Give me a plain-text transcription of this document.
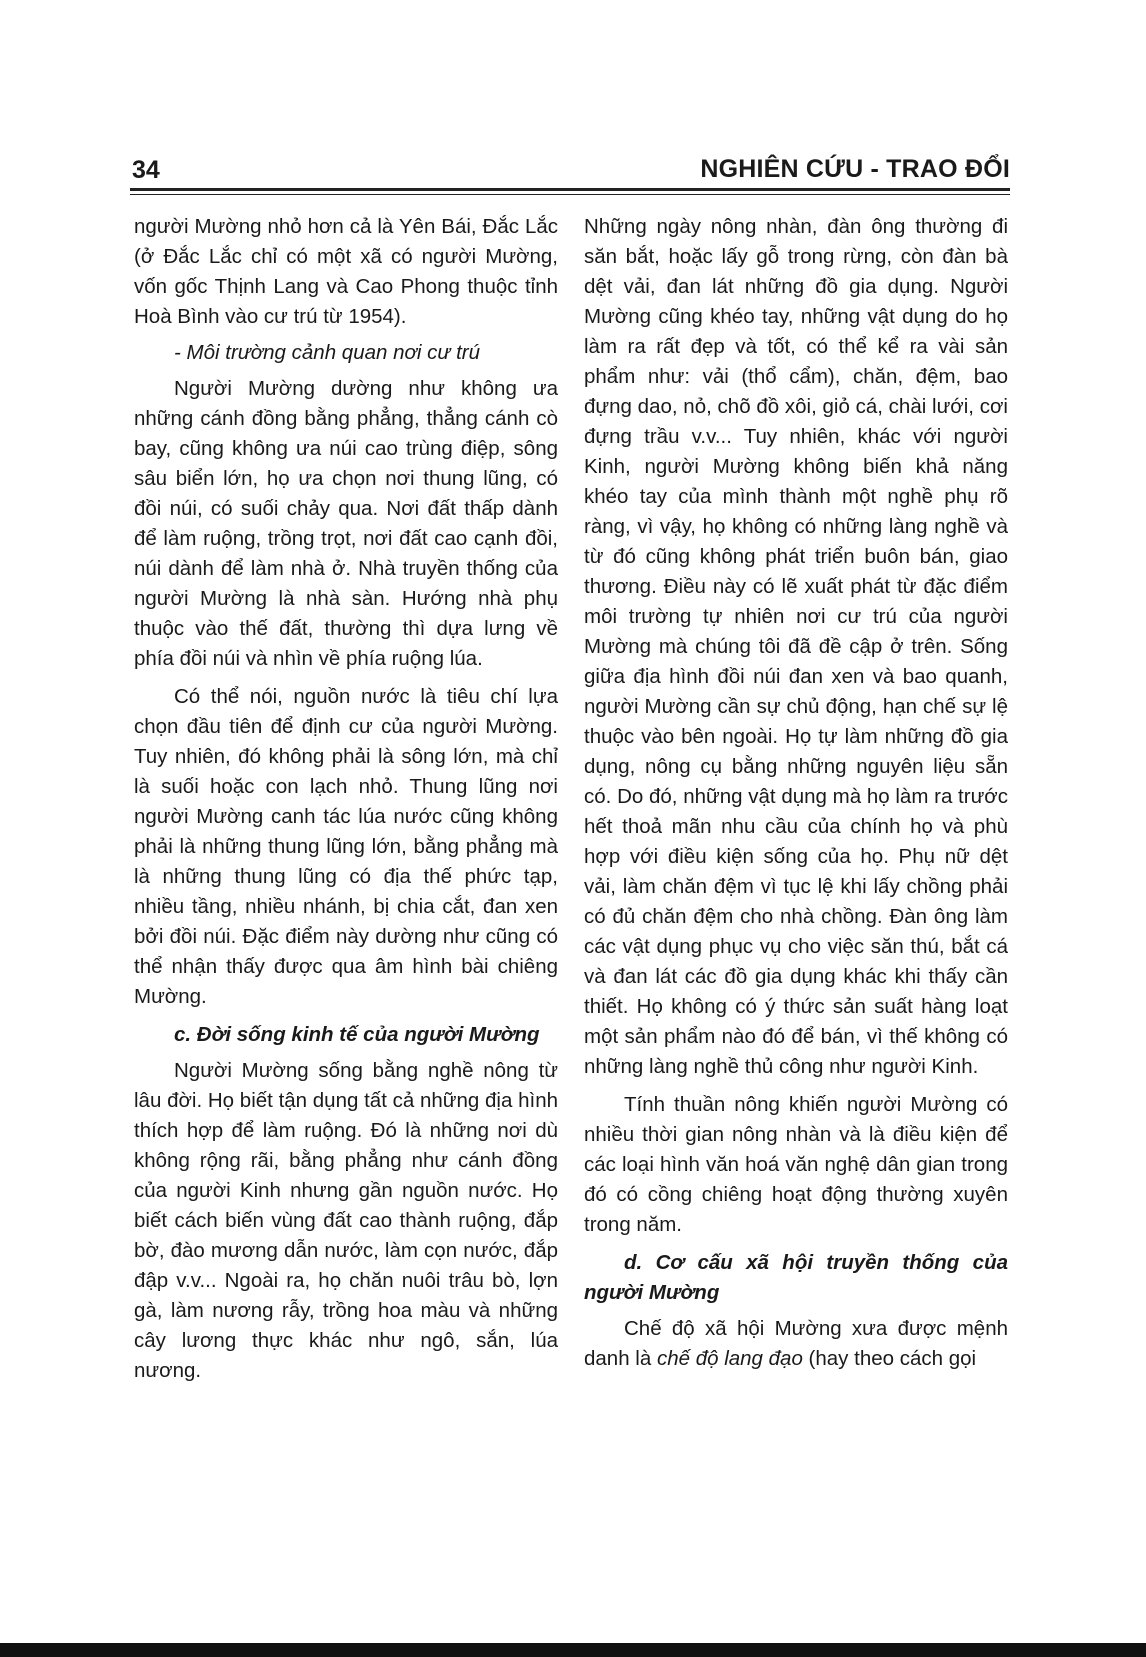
34	NGHIÊN CỨU - TRAO ĐỔI

người Mường nhỏ hơn cả là Yên Bái, Đắc Lắc (ở Đắc Lắc chỉ có một xã có người Mường, vốn gốc Thịnh Lang và Cao Phong thuộc tỉnh Hoà Bình vào cư trú từ 1954).

- Môi trường cảnh quan nơi cư trú

Người Mường dường như không ưa những cánh đồng bằng phẳng, thẳng cánh cò bay, cũng không ưa núi cao trùng điệp, sông sâu biển lớn, họ ưa chọn nơi thung lũng, có đồi núi, có suối chảy qua. Nơi đất thấp dành để làm ruộng, trồng trọt, nơi đất cao cạnh đồi, núi dành để làm nhà ở. Nhà truyền thống của người Mường là nhà sàn. Hướng nhà phụ thuộc vào thế đất, thường thì dựa lưng về phía đồi núi và nhìn về phía ruộng lúa.

Có thể nói, nguồn nước là tiêu chí lựa chọn đầu tiên để định cư của người Mường. Tuy nhiên, đó không phải là sông lớn, mà chỉ là suối hoặc con lạch nhỏ. Thung lũng nơi người Mường canh tác lúa nước cũng không phải là những thung lũng lớn, bằng phẳng mà là những thung lũng có địa thế phức tạp, nhiều tầng, nhiều nhánh, bị chia cắt, đan xen bởi đồi núi. Đặc điểm này dường như cũng có thể nhận thấy được qua âm hình bài chiêng Mường.

c. Đời sống kinh tế của người Mường

Người Mường sống bằng nghề nông từ lâu đời. Họ biết tận dụng tất cả những địa hình thích hợp để làm ruộng. Đó là những nơi dù không rộng rãi, bằng phẳng như cánh đồng của người Kinh nhưng gần nguồn nước. Họ biết cách biến vùng đất cao thành ruộng, đắp bờ, đào mương dẫn nước, làm cọn nước, đắp đập v.v... Ngoài ra, họ chăn nuôi trâu bò, lợn gà, làm nương rẫy, trồng hoa màu và những cây lương thực khác như ngô, sắn, lúa nương.

Những ngày nông nhàn, đàn ông thường đi săn bắt, hoặc lấy gỗ trong rừng, còn đàn bà dệt vải, đan lát những đồ gia dụng. Người Mường cũng khéo tay, những vật dụng do họ làm ra rất đẹp và tốt, có thể kể ra vài sản phẩm như: vải (thổ cẩm), chăn, đệm, bao đựng dao, nỏ, chõ đồ xôi, giỏ cá, chài lưới, cơi đựng trầu v.v... Tuy nhiên, khác với người Kinh, người Mường không biến khả năng khéo tay của mình thành một nghề phụ rõ ràng, vì vậy, họ không có những làng nghề và từ đó cũng không phát triển buôn bán, giao thương. Điều này có lẽ xuất phát từ đặc điểm môi trường tự nhiên nơi cư trú của người Mường mà chúng tôi đã đề cập ở trên. Sống giữa địa hình đồi núi đan xen và bao quanh, người Mường cần sự chủ động, hạn chế sự lệ thuộc vào bên ngoài. Họ tự làm những đồ gia dụng, nông cụ bằng những nguyên liệu sẵn có. Do đó, những vật dụng mà họ làm ra trước hết thoả mãn nhu cầu của chính họ và phù hợp với điều kiện sống của họ. Phụ nữ dệt vải, làm chăn đệm vì tục lệ khi lấy chồng phải có đủ chăn đệm cho nhà chồng. Đàn ông làm các vật dụng phục vụ cho việc săn thú, bắt cá và đan lát các đồ gia dụng khác khi thấy cần thiết. Họ không có ý thức sản suất hàng loạt một sản phẩm nào đó để bán, vì thế không có những làng nghề thủ công như người Kinh.

Tính thuần nông khiến người Mường có nhiều thời gian nông nhàn và là điều kiện để các loại hình văn hoá văn nghệ dân gian trong đó có cồng chiêng hoạt động thường xuyên trong năm.

d. Cơ cấu xã hội truyền thống của người Mường

Chế độ xã hội Mường xưa được mệnh danh là chế độ lang đạo (hay theo cách gọi
